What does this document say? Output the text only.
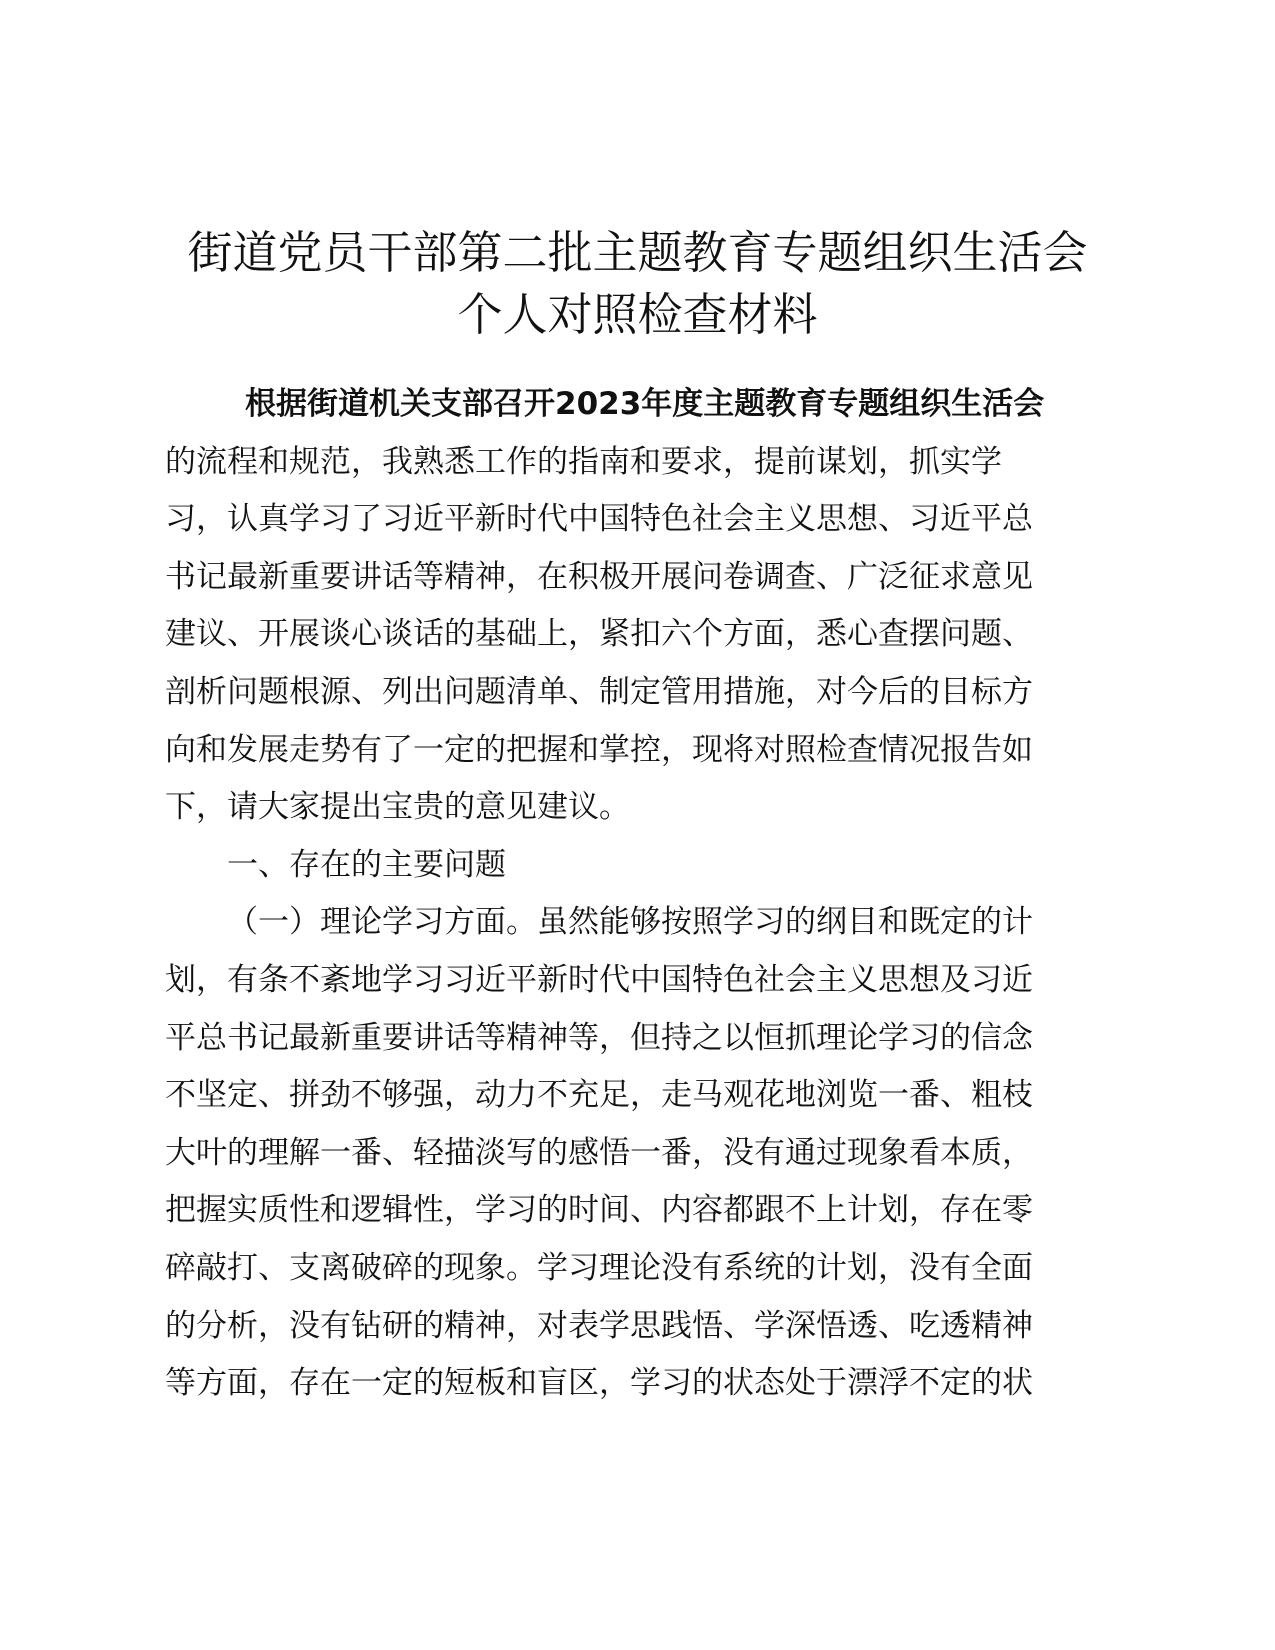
街道党员干部第二批主题教育专题组织生活会
个人对照检查材料
根据街道机关支部召开2023年度主题教育专题组织生活会
的流程和规范，我熟悉工作的指南和要求，提前谋划，抓实学
习，认真学习了习近平新时代中国特色社会主义思想、习近平总
书记最新重要讲话等精神，在积极开展问卷调查、广泛征求意见
建议、开展谈心谈话的基础上，紧扣六个方面，悉心查摆问题、
剖析问题根源、列出问题清单、制定管用措施，对今后的目标方
向和发展走势有了一定的把握和掌控，现将对照检查情况报告如
下，请大家提出宝贵的意见建议。
一、存在的主要问题
（一）理论学习方面。虽然能够按照学习的纲目和既定的计
划，有条不紊地学习习近平新时代中国特色社会主义思想及习近
平总书记最新重要讲话等精神等，但持之以恒抓理论学习的信念
不坚定、拼劲不够强，动力不充足，走马观花地浏览一番、粗枝
大叶的理解一番、轻描淡写的感悟一番，没有通过现象看本质，
把握实质性和逻辑性，学习的时间、内容都跟不上计划，存在零
碎敲打、支离破碎的现象。学习理论没有系统的计划，没有全面
的分析，没有钻研的精神，对表学思践悟、学深悟透、吃透精神
等方面，存在一定的短板和盲区，学习的状态处于漂浮不定的状
